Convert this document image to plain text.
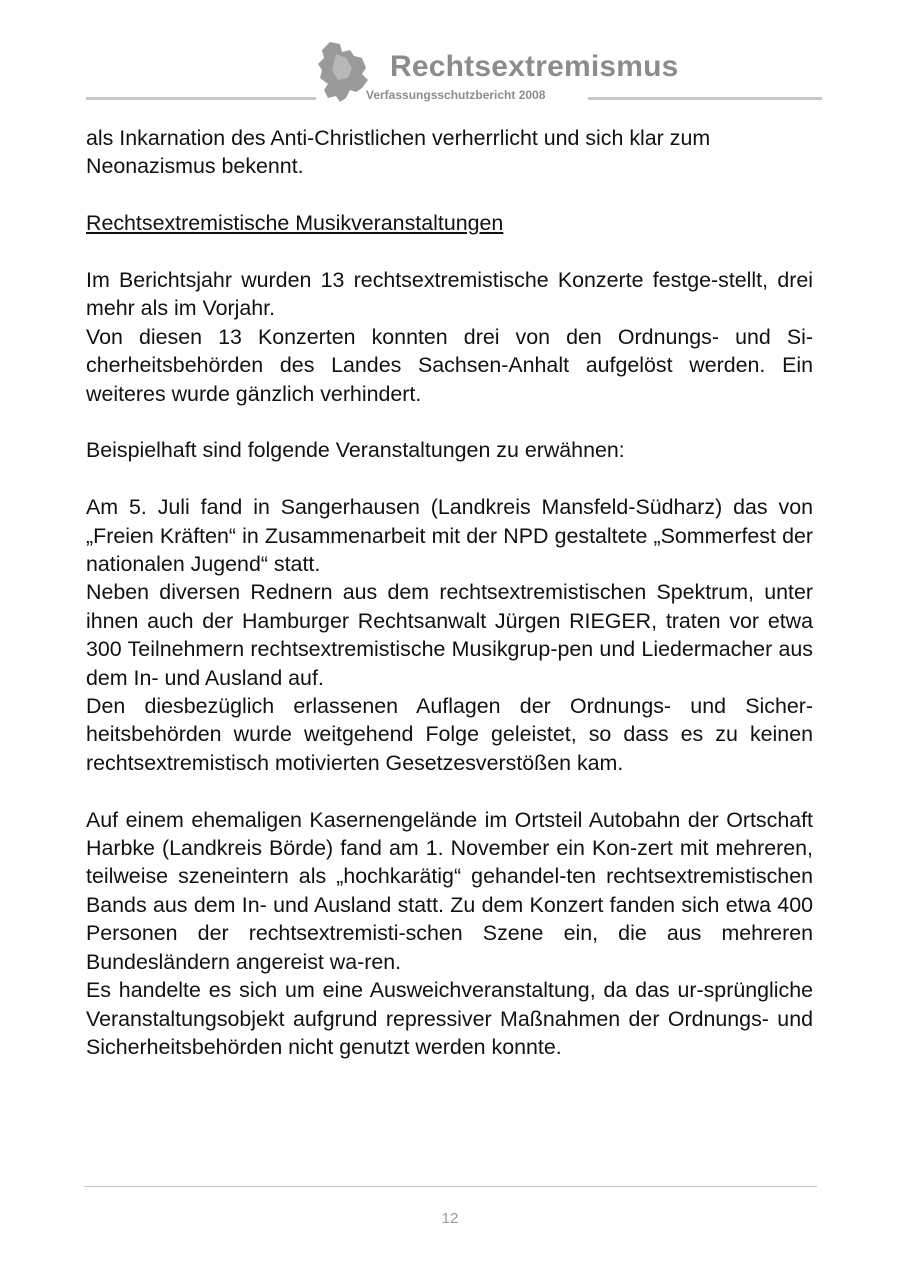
Rechtsextremismus
Verfassungsschutzbericht 2008

als Inkarnation des Anti-Christlichen verherrlicht und sich klar zum
Neonazismus bekennt.

Rechtsextremistische Musikveranstaltungen

Im Berichtsjahr wurden 13 rechtsextremistische Konzerte festge-stellt, drei mehr als im Vorjahr.

Von diesen 13 Konzerten konnten drei von den Ordnungs- und Si-cherheitsbehörden des Landes Sachsen-Anhalt aufgelöst werden. Ein weiteres wurde gänzlich verhindert.

Beispielhaft sind folgende Veranstaltungen zu erwähnen:

Am 5. Juli fand in Sangerhausen (Landkreis Mansfeld-Südharz) das von „Freien Kräften“ in Zusammenarbeit mit der NPD gestaltete „Sommerfest der nationalen Jugend“ statt.

Neben diversen Rednern aus dem rechtsextremistischen Spektrum, unter ihnen auch der Hamburger Rechtsanwalt Jürgen RIEGER, traten vor etwa 300 Teilnehmern rechtsextremistische Musikgrup-pen und Liedermacher aus dem In- und Ausland auf.

Den diesbezüglich erlassenen Auflagen der Ordnungs- und Sicher-heitsbehörden wurde weitgehend Folge geleistet, so dass es zu keinen rechtsextremistisch motivierten Gesetzesverstößen kam.

Auf einem ehemaligen Kasernengelände im Ortsteil Autobahn der Ortschaft Harbke (Landkreis Börde) fand am 1. November ein Kon-zert mit mehreren, teilweise szeneintern als „hochkarätig“ gehandel-ten rechtsextremistischen Bands aus dem In- und Ausland statt. Zu dem Konzert fanden sich etwa 400 Personen der rechtsextremisti-schen Szene ein, die aus mehreren Bundesländern angereist wa-ren.

Es handelte es sich um eine Ausweichveranstaltung, da das ur-sprüngliche Veranstaltungsobjekt aufgrund repressiver Maßnahmen der Ordnungs- und Sicherheitsbehörden nicht genutzt werden konnte.

12
